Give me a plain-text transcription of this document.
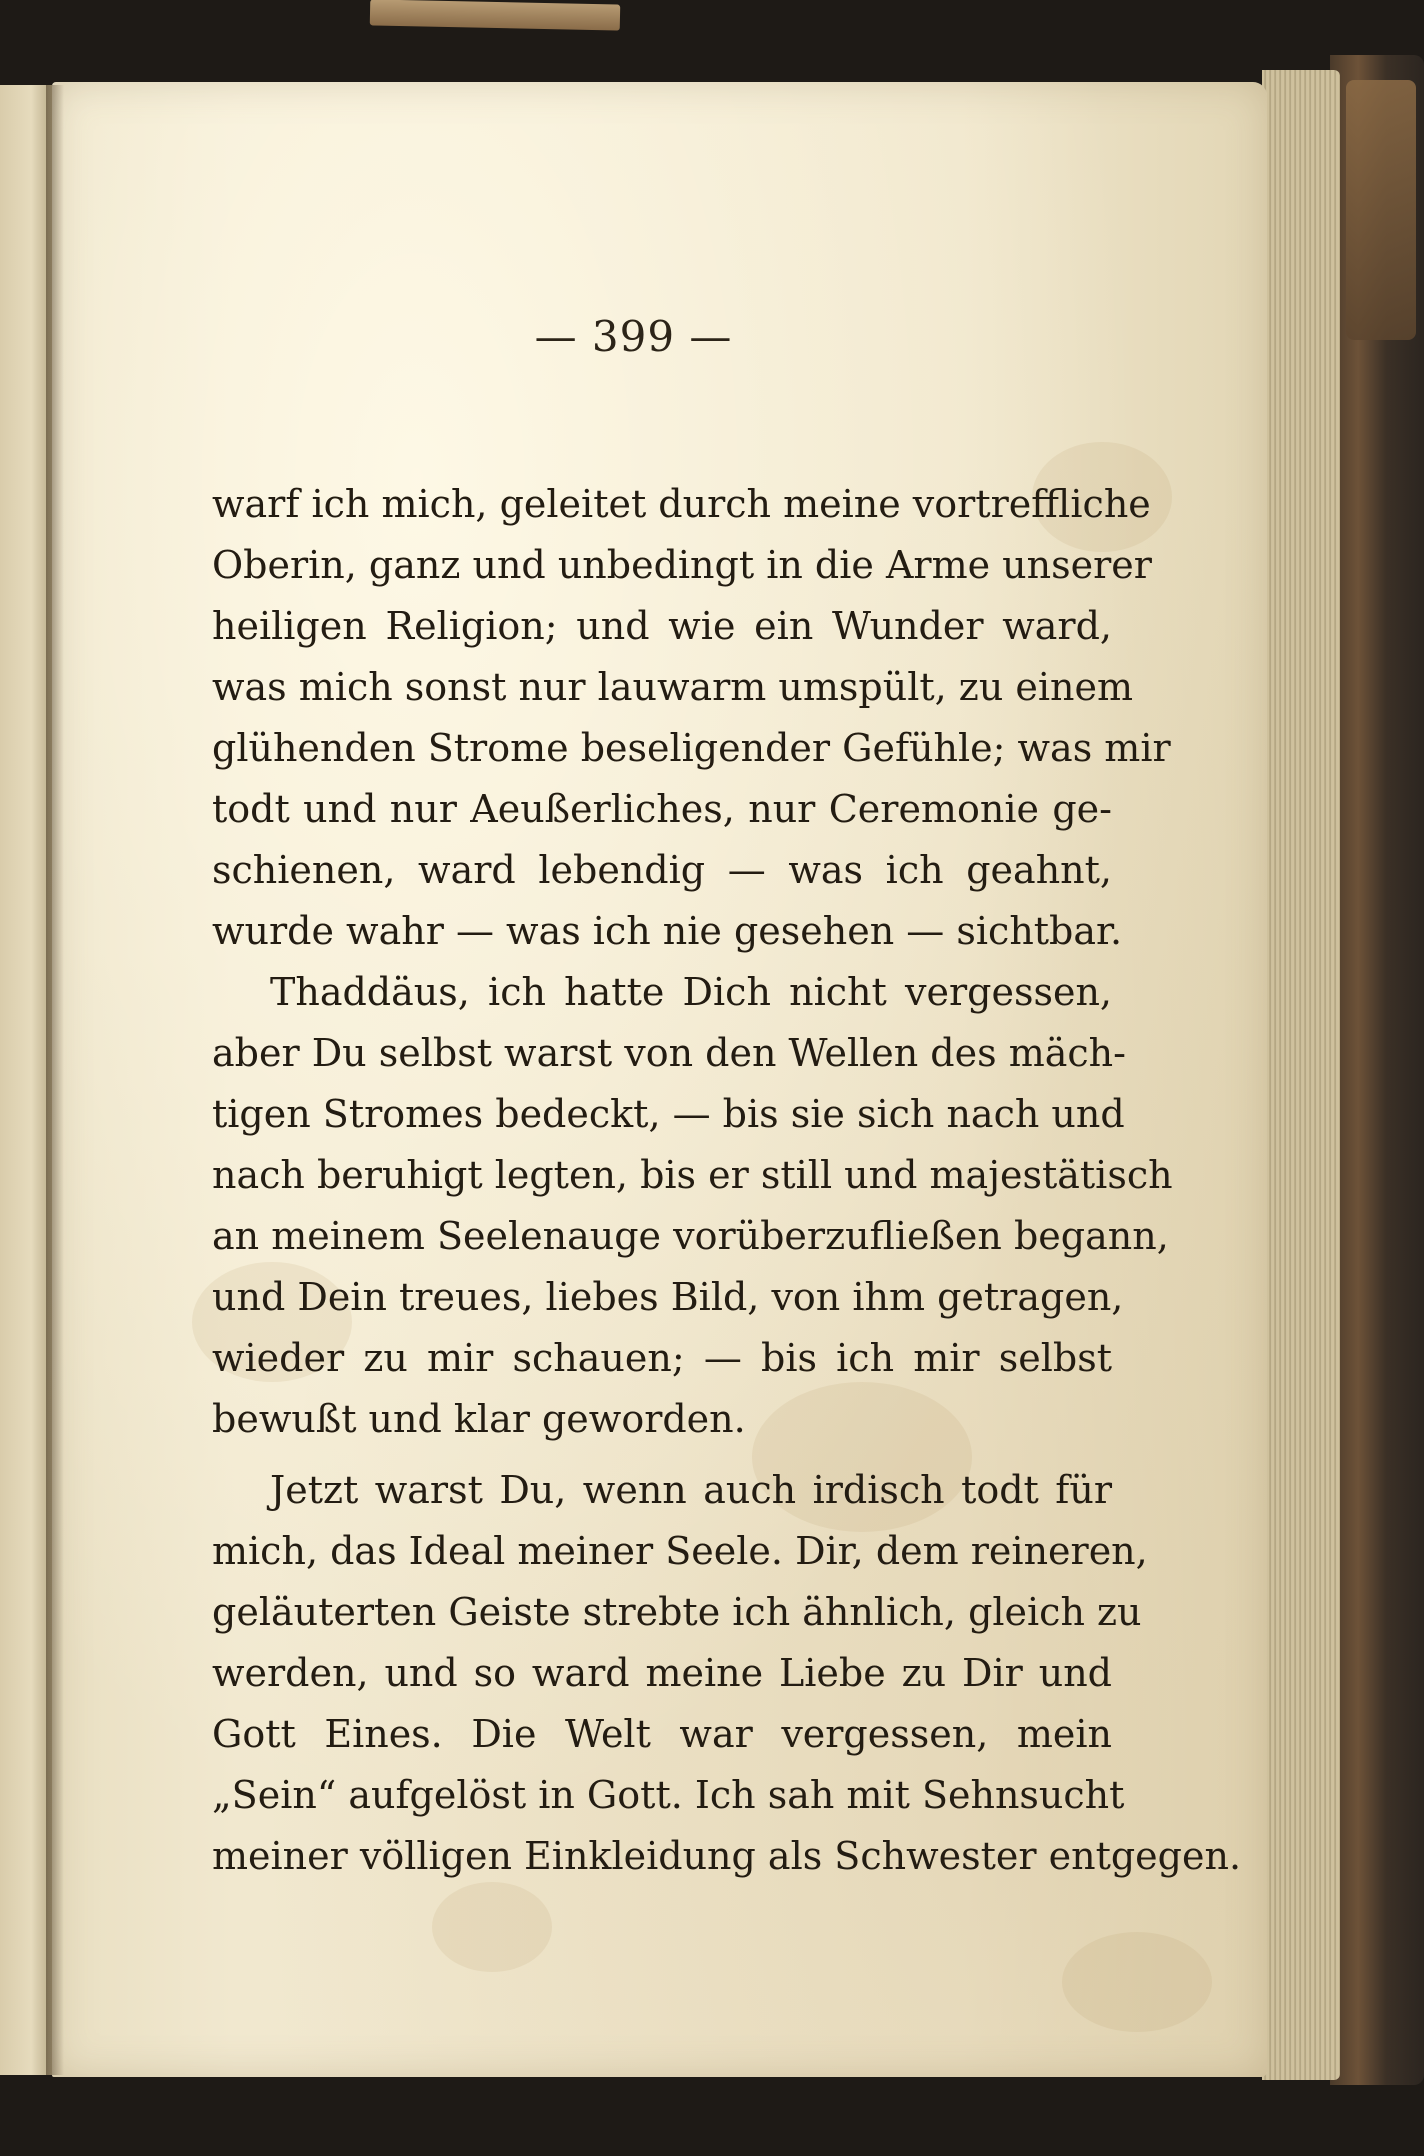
— 399 —
warf ich mich, geleitet durch meine vortreffliche
Oberin, ganz und unbedingt in die Arme unserer
heiligen Religion; und wie ein Wunder ward,
was mich sonst nur lauwarm umspült, zu einem
glühenden Strome beseligender Gefühle; was mir
todt und nur Aeußerliches, nur Ceremonie ge-
schienen, ward lebendig — was ich geahnt,
wurde wahr — was ich nie gesehen — sichtbar.
Thaddäus, ich hatte Dich nicht vergessen,
aber Du selbst warst von den Wellen des mäch-
tigen Stromes bedeckt, — bis sie sich nach und
nach beruhigt legten, bis er still und majestätisch
an meinem Seelenauge vorüberzufließen begann,
und Dein treues, liebes Bild, von ihm getragen,
wieder zu mir schauen; — bis ich mir selbst
bewußt und klar geworden.
Jetzt warst Du, wenn auch irdisch todt für
mich, das Ideal meiner Seele. Dir, dem reineren,
geläuterten Geiste strebte ich ähnlich, gleich zu
werden, und so ward meine Liebe zu Dir und
Gott Eines. Die Welt war vergessen, mein
„Sein“ aufgelöst in Gott. Ich sah mit Sehnsucht
meiner völligen Einkleidung als Schwester entgegen.
